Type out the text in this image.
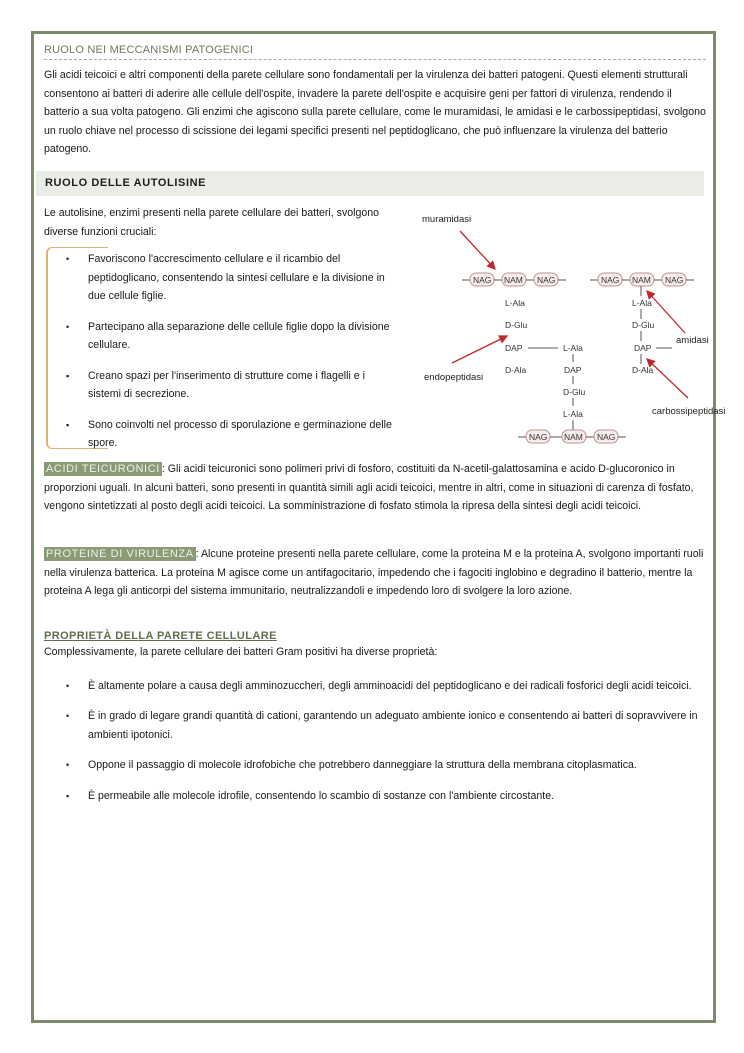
RUOLO NEI MECCANISMI PATOGENICI

Gli acidi teicoici e altri componenti della parete cellulare sono fondamentali per la virulenza dei batteri patogeni. Questi elementi strutturali consentono ai batteri di aderire alle cellule dell'ospite, invadere la parete dell'ospite e acquisire geni per fattori di virulenza, rendendo il batterio a sua volta patogeno. Gli enzimi che agiscono sulla parete cellulare, come le muramidasi, le amidasi e le carbossipeptidasi, svolgono un ruolo chiave nel processo di scissione dei legami specifici presenti nel peptidoglicano, che può influenzare la virulenza del batterio patogeno.

RUOLO DELLE AUTOLISINE

Le autolisine, enzimi presenti nella parete cellulare dei batteri, svolgono diverse funzioni cruciali:

• Favoriscono l'accrescimento cellulare e il ricambio del peptidoglicano, consentendo la sintesi cellulare e la divisione in due cellule figlie.
• Partecipano alla separazione delle cellule figlie dopo la divisione cellulare.
▪ Creano spazi per l'inserimento di strutture come i flagelli e i sistemi di secrezione.
▪ Sono coinvolti nel processo di sporulazione e germinazione delle spore.
NAG NAM NAG
L-Ala
D-Glu
DAP
D-Ala
L-Ala
DAP
D-Glu
L-Ala
NAG NAM NAG
NAG NAM NAG
L-Ala
D-Glu
DAP
D-Ala
muramidasi
endopeptidasi
amidasi
carbossipeptidasi

ACIDI TEICURONICI : Gli acidi teicuronici sono polimeri privi di fosforo, costituiti da N-acetil-galattosamina e acido D-glucoronico in proporzioni uguali. In alcuni batteri, sono presenti in quantità simili agli acidi teicoici, mentre in altri, come in situazioni di carenza di fosfato, vengono sintetizzati al posto degli acidi teicoici. La somministrazione di fosfato stimola la ripresa della sintesi degli acidi teicoici.

PROTEINE DI VIRULENZA : Alcune proteine presenti nella parete cellulare, come la proteina M e la proteina A, svolgono importanti ruoli nella virulenza batterica. La proteina M agisce come un antifagocitario, impedendo che i fagociti inglobino e degradino il batterio, mentre la proteina A lega gli anticorpi del sistema immunitario, neutralizzandoli e impedendo loro di svolgere la loro azione.

PROPRIETÀ DELLA PARETE CELLULARE

Complessivamente, la parete cellulare dei batteri Gram positivi ha diverse proprietà:

• È altamente polare a causa degli amminozuccheri, degli amminoacidi del peptidoglicano e dei radicali fosforici degli acidi teicoici.
• È in grado di legare grandi quantità di cationi, garantendo un adeguato ambiente ionico e consentendo ai batteri di sopravvivere in ambienti ipotonici.
• Oppone il passaggio di molecole idrofobiche che potrebbero danneggiare la struttura della membrana citoplasmatica.
▪ È permeabile alle molecole idrofile, consentendo lo scambio di sostanze con l'ambiente circostante.
